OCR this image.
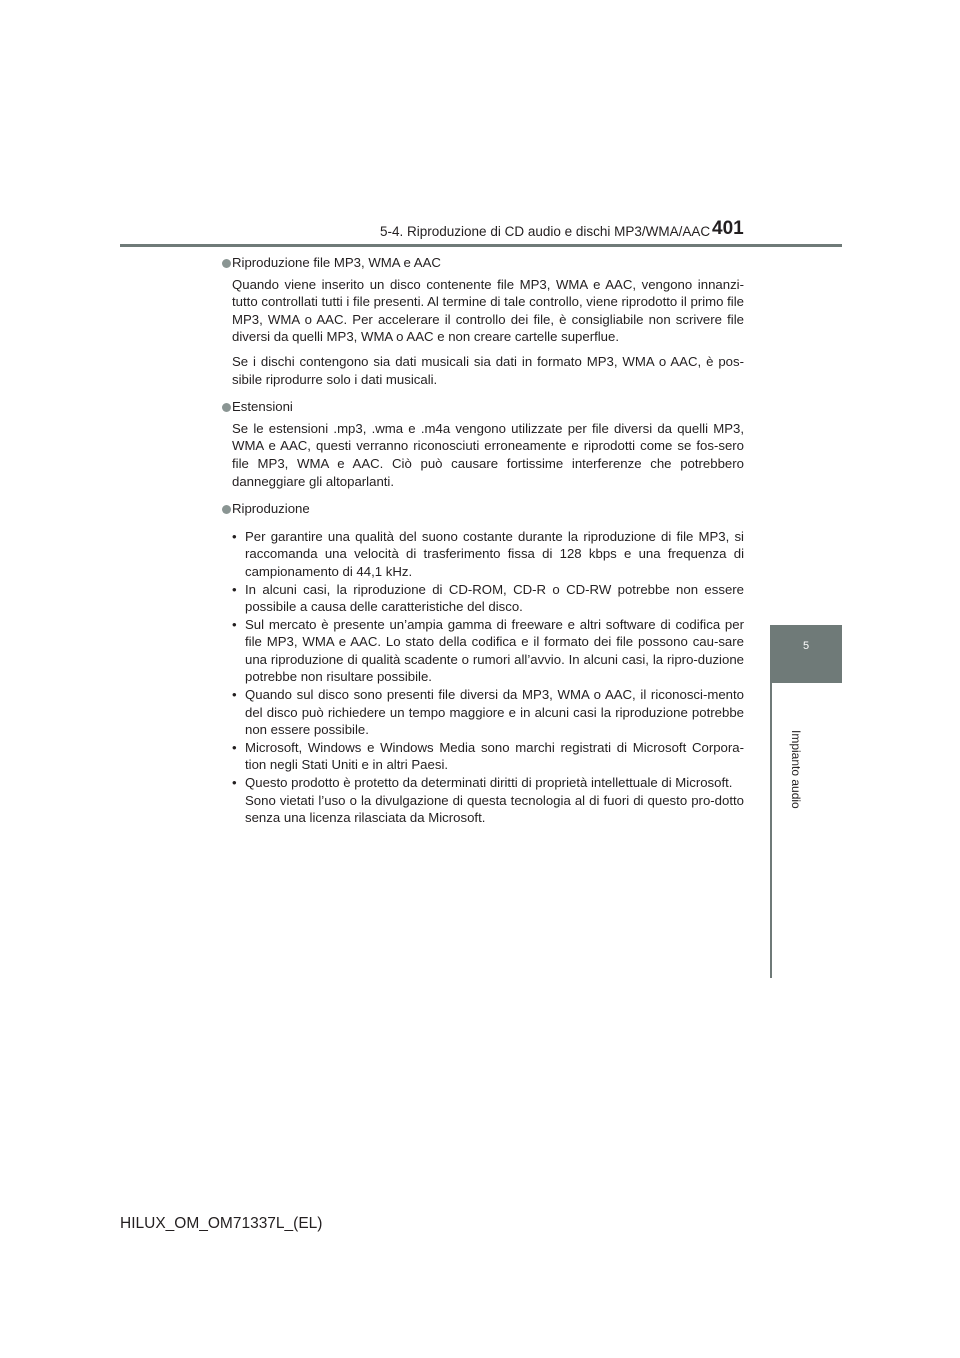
5-4. Riproduzione di CD audio e dischi MP3/WMA/AAC 401
5
Impianto audio
Riproduzione file MP3, WMA e AAC

Quando viene inserito un disco contenente file MP3, WMA e AAC, vengono innanzi-tutto controllati tutti i file presenti. Al termine di tale controllo, viene riprodotto il primo file MP3, WMA o AAC. Per accelerare il controllo dei file, è consigliabile non scrivere file diversi da quelli MP3, WMA o AAC e non creare cartelle superflue.

Se i dischi contengono sia dati musicali sia dati in formato MP3, WMA o AAC, è pos-sibile riprodurre solo i dati musicali.

Estensioni

Se le estensioni .mp3, .wma e .m4a vengono utilizzate per file diversi da quelli MP3, WMA e AAC, questi verranno riconosciuti erroneamente e riprodotti come se fos-sero file MP3, WMA e AAC. Ciò può causare fortissime interferenze che potrebbero danneggiare gli altoparlanti.

Riproduzione
• Per garantire una qualità del suono costante durante la riproduzione di file MP3, si raccomanda una velocità di trasferimento fissa di 128 kbps e una frequenza di campionamento di 44,1 kHz.
• In alcuni casi, la riproduzione di CD-ROM, CD-R o CD-RW potrebbe non essere possibile a causa delle caratteristiche del disco.
• Sul mercato è presente un’ampia gamma di freeware e altri software di codifica per file MP3, WMA e AAC. Lo stato della codifica e il formato dei file possono cau-sare una riproduzione di qualità scadente o rumori all’avvio. In alcuni casi, la ripro-duzione potrebbe non risultare possibile.
• Quando sul disco sono presenti file diversi da MP3, WMA o AAC, il riconosci-mento del disco può richiedere un tempo maggiore e in alcuni casi la riproduzione potrebbe non essere possibile.
• Microsoft, Windows e Windows Media sono marchi registrati di Microsoft Corpora-tion negli Stati Uniti e in altri Paesi.
• Questo prodotto è protetto da determinati diritti di proprietà intellettuale di Microsoft.
Sono vietati l’uso o la divulgazione di questa tecnologia al di fuori di questo pro-dotto senza una licenza rilasciata da Microsoft.
HILUX_OM_OM71337L_(EL)
